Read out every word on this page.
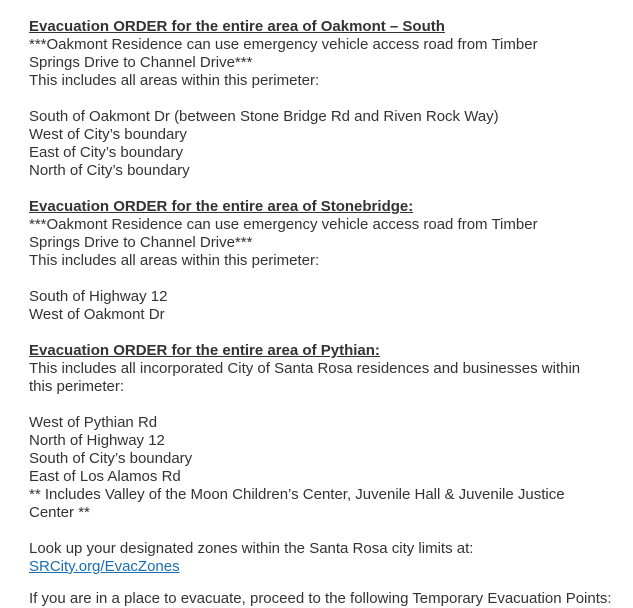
Evacuation ORDER for the entire area of Oakmont – South
***Oakmont Residence can use emergency vehicle access road from Timber
Springs Drive to Channel Drive***
This includes all areas within this perimeter:
South of Oakmont Dr (between Stone Bridge Rd and Riven Rock Way)
West of City’s boundary
East of City’s boundary
North of City’s boundary
Evacuation ORDER for the entire area of Stonebridge:
***Oakmont Residence can use emergency vehicle access road from Timber
Springs Drive to Channel Drive***
This includes all areas within this perimeter:
South of Highway 12
West of Oakmont Dr
Evacuation ORDER for the entire area of Pythian:
This includes all incorporated City of Santa Rosa residences and businesses within
this perimeter:
West of Pythian Rd
North of Highway 12
South of City’s boundary
East of Los Alamos Rd
** Includes Valley of the Moon Children’s Center, Juvenile Hall & Juvenile Justice
Center **
Look up your designated zones within the Santa Rosa city limits at:
SRCity.org/EvacZones
If you are in a place to evacuate, proceed to the following Temporary Evacuation Points:
